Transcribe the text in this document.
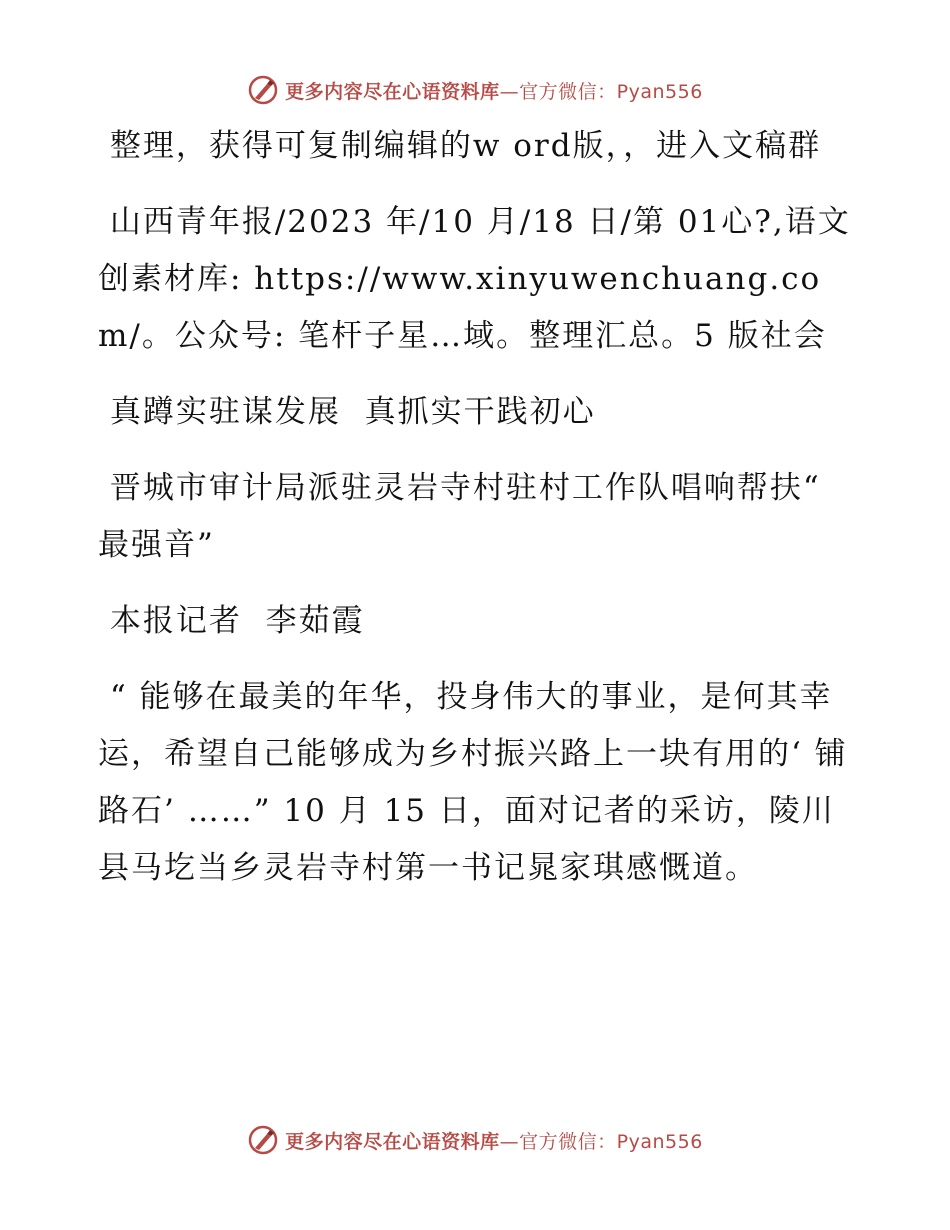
更多内容尽在心语资料库—官方微信：Pyan556

整理，获得可复制编辑的w ord版，，进入文稿群

山西青年报/2023 年/10 月/18 日/第 01心?,语文创素材库: https://www.xinyuwenchuang.com/。公众号: 笔杆子星…域。整理汇总。5 版社会

真蹲实驻谋发展  真抓实干践初心

晋城市审计局派驻灵岩寺村驻村工作队唱响帮扶“ 最强音”

本报记者  李茹霞

“ 能够在最美的年华，投身伟大的事业，是何其幸运，希望自己能够成为乡村振兴路上一块有用的‘ 铺路石’ ……” 10 月 15 日，面对记者的采访，陵川县马圪当乡灵岩寺村第一书记晁家琪感慨道。

更多内容尽在心语资料库—官方微信：Pyan556
